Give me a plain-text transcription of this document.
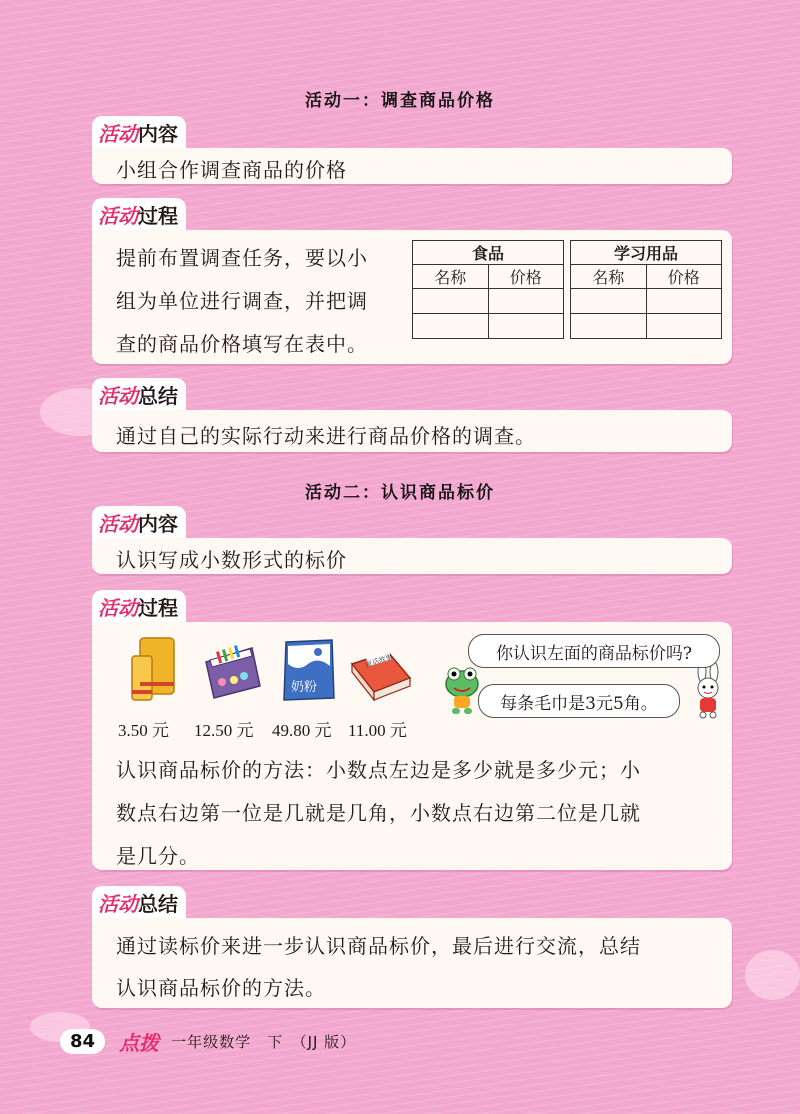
活动一：调查商品价格
活动 内容
小组合作调查商品的价格
活动 过程
提前布置调查任务，要以小
组为单位进行调查，并把调
查的商品价格填写在表中。
食品	
名称	价格

学习用品	
名称	价格

活动 总结
通过自己的实际行动来进行商品价格的调查。
活动二：认识商品标价
活动 内容
认识写成小数形式的标价
活动 过程
奶粉
童话故事
3.50 元 12.50 元 49.80 元 11.00 元
你认识左面的商品标价吗?
每条毛巾是3元5角。
认识商品标价的方法：小数点左边是多少就是多少元；小
数点右边第一位是几就是几角，小数点右边第二位是几就
是几分。
活动 总结
通过读标价来进一步认识商品标价，最后进行交流，总结
认识商品标价的方法。
84	点拨 一年级数学　下　（JJ 版）
